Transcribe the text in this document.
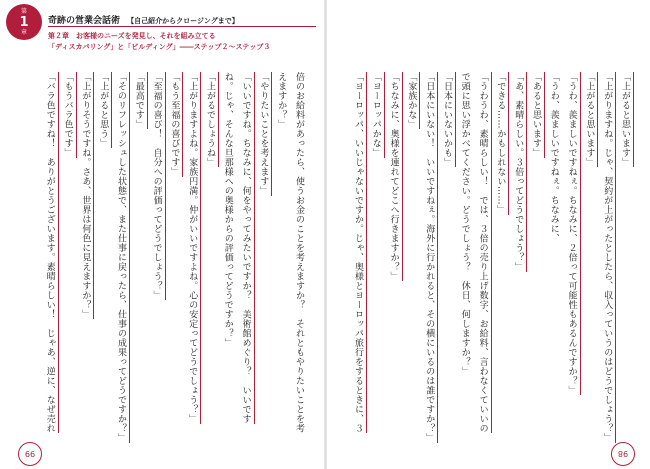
第
1
章
奇跡の営業会話術 【自己紹介からクロージングまで】
第２章　お客様のニーズを発見し、それを組み立てる
「ディスカバリング」と「ビルディング」――ステップ２～ステップ３
「上がると思います」
「上がりますね。じゃ、契約が上がったとしたら、収入っていうのはどうでしょう？」
「上がると思います」
「うわ、羨ましいですねぇ。ちなみに、２倍って可能性もあるんですか？」
「うわ、羨ましいですねぇ。ちなみに、
「あると思います」
「あ、素晴らしい。３倍ってどうでしょう？」
「できる……かもしれない……」
「うわうわ、素晴らしい！　では、３倍の売り上げ数字、お給料、言わなくていいの
で頭に思い浮かべてください。どうでしょう？　休日、何しますか？」
「日本にいないかも」
「日本にいない！　いいですねぇ。海外に行かれると、その横にいるのは誰ですか？」
「家族かな」
「ちなみに、奥様を連れてどこへ行きますか？」
「ヨーロッパかな」
「ヨーロッパ、いいじゃないですか。じゃ、奥様とヨーロッパ旅行をするときに、３
倍のお給料があったら、使うお金のことを考えますか？　それともやりたいことを考
えますか？」
「やりたいことを考えます」
「いいですね。ちなみに、何をやってみたいですか？　美術館めぐり？　いいです
ね。じゃ、そんな旦那様への奥様からの評価ってどうですか？」
「上がるでしょうね」
「上がりますよね。家族円満。仲がいいですよね。心の安定ってどうでしょう？」
「もう至福の喜びです」
「至福の喜び！　自分への評価ってどうでしょう？」
「最高です」
「そのリフレッシュした状態で、また仕事に戻ったら、仕事の成果ってどうですか？」
「上がると思う」
「上がりそうですね。さあ、世界は何色に見えますか？」
「もうバラ色です」
「バラ色ですね！　ありがとうございます。素晴らしい！　じゃあ、逆に、なぜ売れ
99	98
